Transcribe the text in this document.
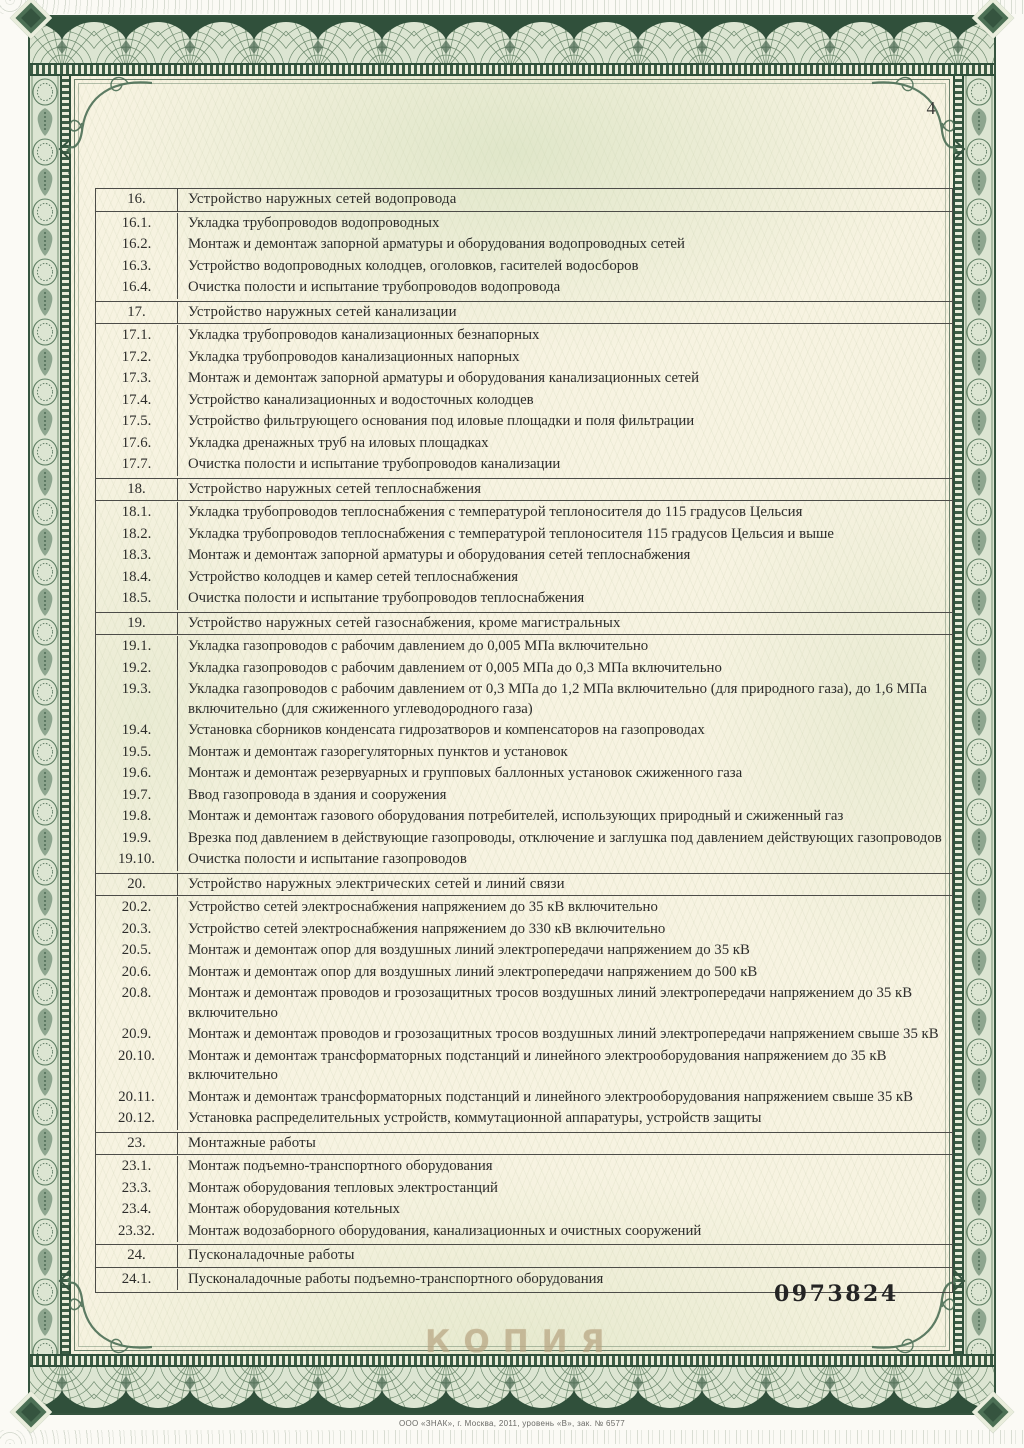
4
16.	Устройство наружных сетей водопровода
16.1.	Укладка трубопроводов водопроводных
16.2.	Монтаж и демонтаж запорной арматуры и оборудования водопроводных сетей
16.3.	Устройство водопроводных колодцев, оголовков, гасителей водосборов
16.4.	Очистка полости и испытание трубопроводов водопровода
17.	Устройство наружных сетей канализации
17.1.	Укладка трубопроводов канализационных безнапорных
17.2.	Укладка трубопроводов канализационных напорных
17.3.	Монтаж и демонтаж запорной арматуры и оборудования канализационных сетей
17.4.	Устройство канализационных и водосточных колодцев
17.5.	Устройство фильтрующего основания под иловые площадки и поля фильтрации
17.6.	Укладка дренажных труб на иловых площадках
17.7.	Очистка полости и испытание трубопроводов канализации
18.	Устройство наружных сетей теплоснабжения
18.1.	Укладка трубопроводов теплоснабжения с температурой теплоносителя до 115 градусов Цельсия
18.2.	Укладка трубопроводов теплоснабжения с температурой теплоносителя 115 градусов Цельсия и выше
18.3.	Монтаж и демонтаж запорной арматуры и оборудования сетей теплоснабжения
18.4.	Устройство колодцев и камер сетей теплоснабжения
18.5.	Очистка полости и испытание трубопроводов теплоснабжения
19.	Устройство наружных сетей газоснабжения, кроме магистральных
19.1.	Укладка газопроводов с рабочим давлением до 0,005 МПа включительно
19.2.	Укладка газопроводов с рабочим давлением от 0,005 МПа до 0,3 МПа включительно
19.3.	Укладка газопроводов с рабочим давлением от 0,3 МПа до 1,2 МПа включительно (для природного газа), до 1,6 МПа включительно (для сжиженного углеводородного газа)
19.4.	Установка сборников конденсата гидрозатворов и компенсаторов на газопроводах
19.5.	Монтаж и демонтаж газорегуляторных пунктов и установок
19.6.	Монтаж и демонтаж резервуарных и групповых баллонных установок сжиженного газа
19.7.	Ввод газопровода в здания и сооружения
19.8.	Монтаж и демонтаж газового оборудования потребителей, использующих природный и сжиженный газ
19.9.	Врезка под давлением в действующие газопроводы, отключение и заглушка под давлением действующих газопроводов
19.10.	Очистка полости и испытание газопроводов
20.	Устройство наружных электрических сетей и линий связи
20.2.	Устройство сетей электроснабжения напряжением до 35 кВ включительно
20.3.	Устройство сетей электроснабжения напряжением до 330 кВ включительно
20.5.	Монтаж и демонтаж опор для воздушных линий электропередачи напряжением до 35 кВ
20.6.	Монтаж и демонтаж опор для воздушных линий электропередачи напряжением до 500 кВ
20.8.	Монтаж и демонтаж проводов и грозозащитных тросов воздушных линий электропередачи напряжением до 35 кВ включительно
20.9.	Монтаж и демонтаж проводов и грозозащитных тросов воздушных линий электропередачи напряжением свыше 35 кВ
20.10.	Монтаж и демонтаж трансформаторных подстанций и линейного электрооборудования напряжением до 35 кВ включительно
20.11.	Монтаж и демонтаж трансформаторных подстанций и линейного электрооборудования напряжением свыше 35 кВ
20.12.	Установка распределительных устройств, коммутационной аппаратуры, устройств защиты
23.	Монтажные работы
23.1.	Монтаж подъемно-транспортного оборудования
23.3.	Монтаж оборудования тепловых электростанций
23.4.	Монтаж оборудования котельных
23.32.	Монтаж водозаборного оборудования, канализационных и очистных сооружений
24.	Пусконаладочные работы
24.1.	Пусконаладочные работы подъемно-транспортного оборудования
0973824
КОПИЯ
ООО «ЗНАК», г. Москва, 2011, уровень «В», зак. № 6577
